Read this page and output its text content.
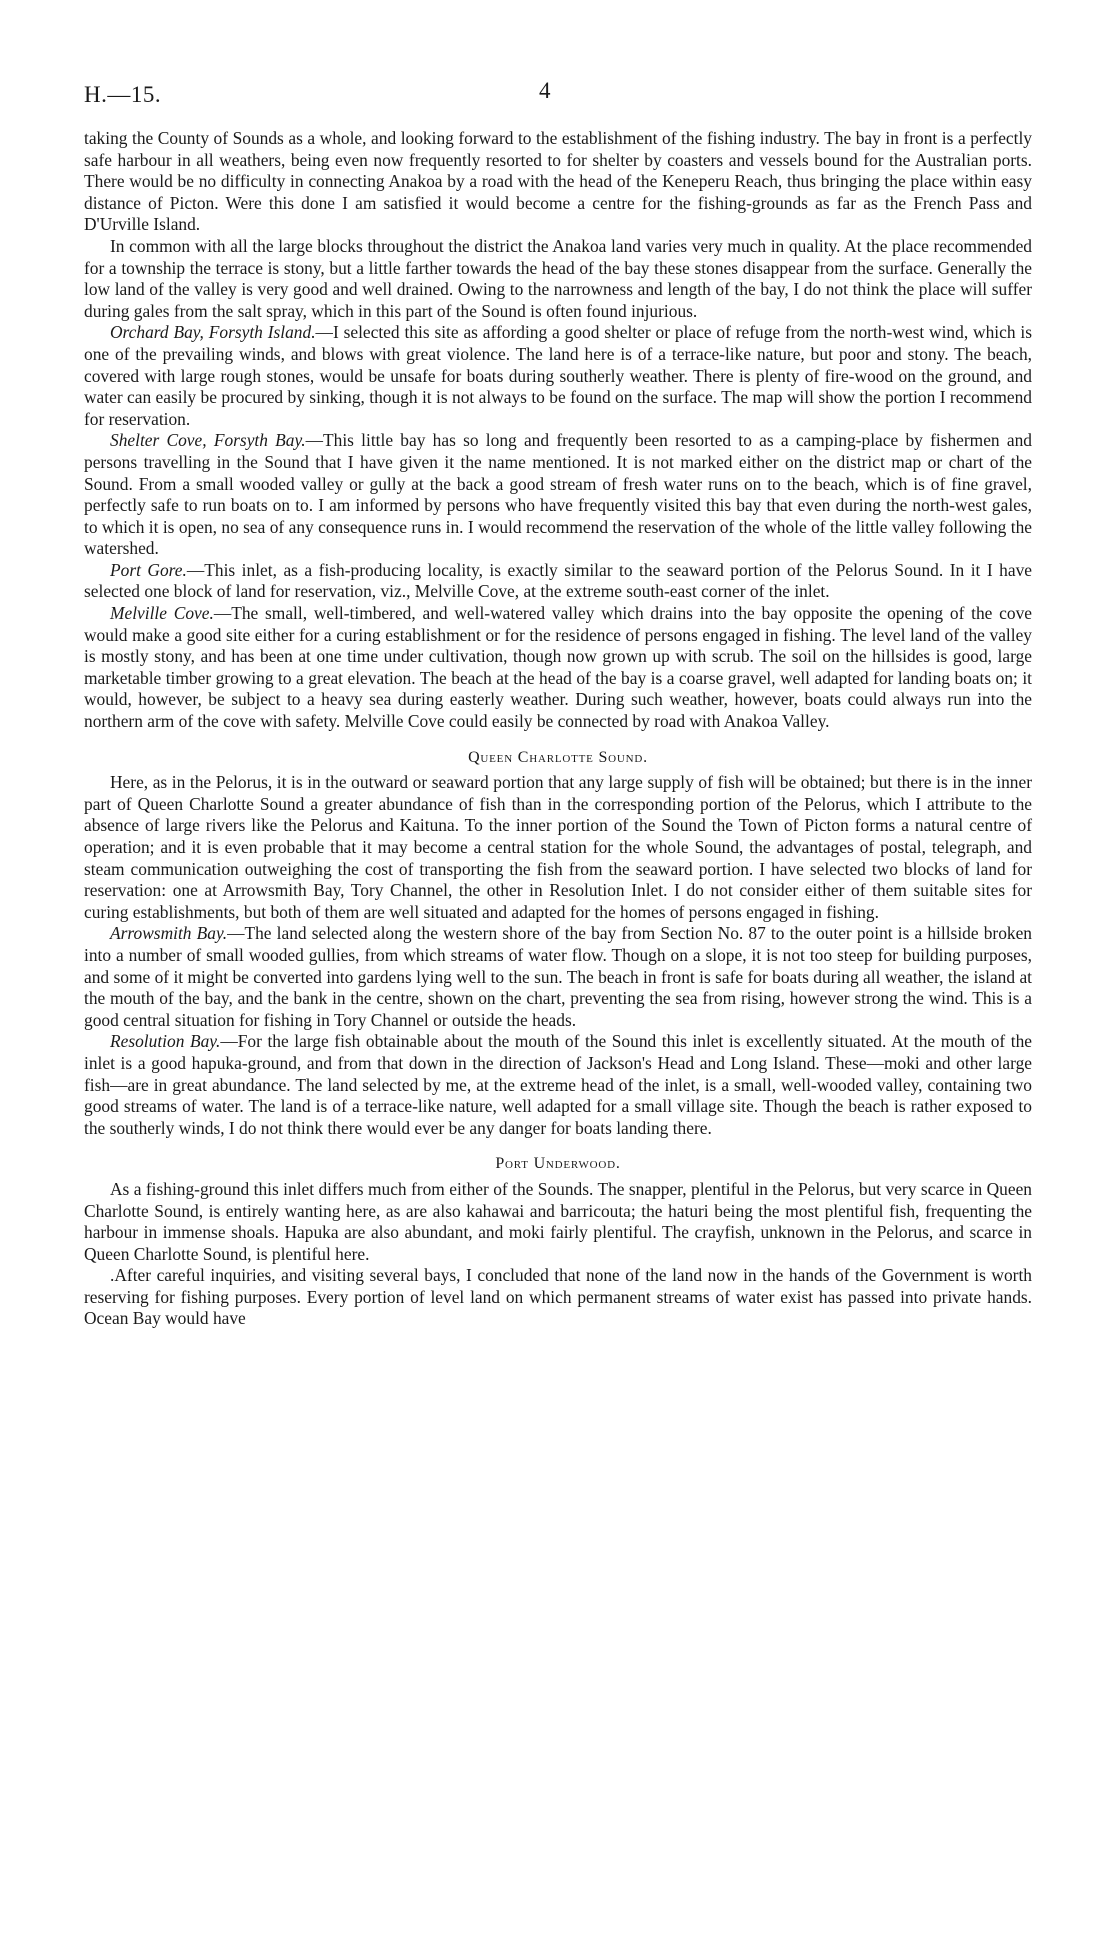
H.—15.	4

taking the County of Sounds as a whole, and looking forward to the establishment of the fishing industry. The bay in front is a perfectly safe harbour in all weathers, being even now frequently resorted to for shelter by coasters and vessels bound for the Australian ports. There would be no difficulty in connecting Anakoa by a road with the head of the Keneperu Reach, thus bringing the place within easy distance of Picton. Were this done I am satisfied it would become a centre for the fishing-grounds as far as the French Pass and D'Urville Island.

In common with all the large blocks throughout the district the Anakoa land varies very much in quality. At the place recommended for a township the terrace is stony, but a little farther towards the head of the bay these stones disappear from the surface. Generally the low land of the valley is very good and well drained. Owing to the narrowness and length of the bay, I do not think the place will suffer during gales from the salt spray, which in this part of the Sound is often found injurious.

Orchard Bay, Forsyth Island.—I selected this site as affording a good shelter or place of refuge from the north-west wind, which is one of the prevailing winds, and blows with great violence. The land here is of a terrace-like nature, but poor and stony. The beach, covered with large rough stones, would be unsafe for boats during southerly weather. There is plenty of fire-wood on the ground, and water can easily be procured by sinking, though it is not always to be found on the surface. The map will show the portion I recommend for reservation.

Shelter Cove, Forsyth Bay.—This little bay has so long and frequently been resorted to as a camping-place by fishermen and persons travelling in the Sound that I have given it the name mentioned. It is not marked either on the district map or chart of the Sound. From a small wooded valley or gully at the back a good stream of fresh water runs on to the beach, which is of fine gravel, perfectly safe to run boats on to. I am informed by persons who have frequently visited this bay that even during the north-west gales, to which it is open, no sea of any consequence runs in. I would recommend the reservation of the whole of the little valley following the watershed.

Port Gore.—This inlet, as a fish-producing locality, is exactly similar to the seaward portion of the Pelorus Sound. In it I have selected one block of land for reservation, viz., Melville Cove, at the extreme south-east corner of the inlet.

Melville Cove.—The small, well-timbered, and well-watered valley which drains into the bay opposite the opening of the cove would make a good site either for a curing establishment or for the residence of persons engaged in fishing. The level land of the valley is mostly stony, and has been at one time under cultivation, though now grown up with scrub. The soil on the hillsides is good, large marketable timber growing to a great elevation. The beach at the head of the bay is a coarse gravel, well adapted for landing boats on; it would, however, be subject to a heavy sea during easterly weather. During such weather, however, boats could always run into the northern arm of the cove with safety. Melville Cove could easily be connected by road with Anakoa Valley.

Queen Charlotte Sound.

Here, as in the Pelorus, it is in the outward or seaward portion that any large supply of fish will be obtained; but there is in the inner part of Queen Charlotte Sound a greater abundance of fish than in the corresponding portion of the Pelorus, which I attribute to the absence of large rivers like the Pelorus and Kaituna. To the inner portion of the Sound the Town of Picton forms a natural centre of operation; and it is even probable that it may become a central station for the whole Sound, the advantages of postal, telegraph, and steam communication outweighing the cost of transporting the fish from the seaward portion. I have selected two blocks of land for reservation: one at Arrowsmith Bay, Tory Channel, the other in Resolution Inlet. I do not consider either of them suitable sites for curing establishments, but both of them are well situated and adapted for the homes of persons engaged in fishing.

Arrowsmith Bay.—The land selected along the western shore of the bay from Section No. 87 to the outer point is a hillside broken into a number of small wooded gullies, from which streams of water flow. Though on a slope, it is not too steep for building purposes, and some of it might be converted into gardens lying well to the sun. The beach in front is safe for boats during all weather, the island at the mouth of the bay, and the bank in the centre, shown on the chart, preventing the sea from rising, however strong the wind. This is a good central situation for fishing in Tory Channel or outside the heads.

Resolution Bay.—For the large fish obtainable about the mouth of the Sound this inlet is excellently situated. At the mouth of the inlet is a good hapuka-ground, and from that down in the direction of Jackson's Head and Long Island. These—moki and other large fish—are in great abundance. The land selected by me, at the extreme head of the inlet, is a small, well-wooded valley, containing two good streams of water. The land is of a terrace-like nature, well adapted for a small village site. Though the beach is rather exposed to the southerly winds, I do not think there would ever be any danger for boats landing there.

Port Underwood.

As a fishing-ground this inlet differs much from either of the Sounds. The snapper, plentiful in the Pelorus, but very scarce in Queen Charlotte Sound, is entirely wanting here, as are also kahawai and barricouta; the haturi being the most plentiful fish, frequenting the harbour in immense shoals. Hapuka are also abundant, and moki fairly plentiful. The crayfish, unknown in the Pelorus, and scarce in Queen Charlotte Sound, is plentiful here.

.After careful inquiries, and visiting several bays, I concluded that none of the land now in the hands of the Government is worth reserving for fishing purposes. Every portion of level land on which permanent streams of water exist has passed into private hands. Ocean Bay would have
